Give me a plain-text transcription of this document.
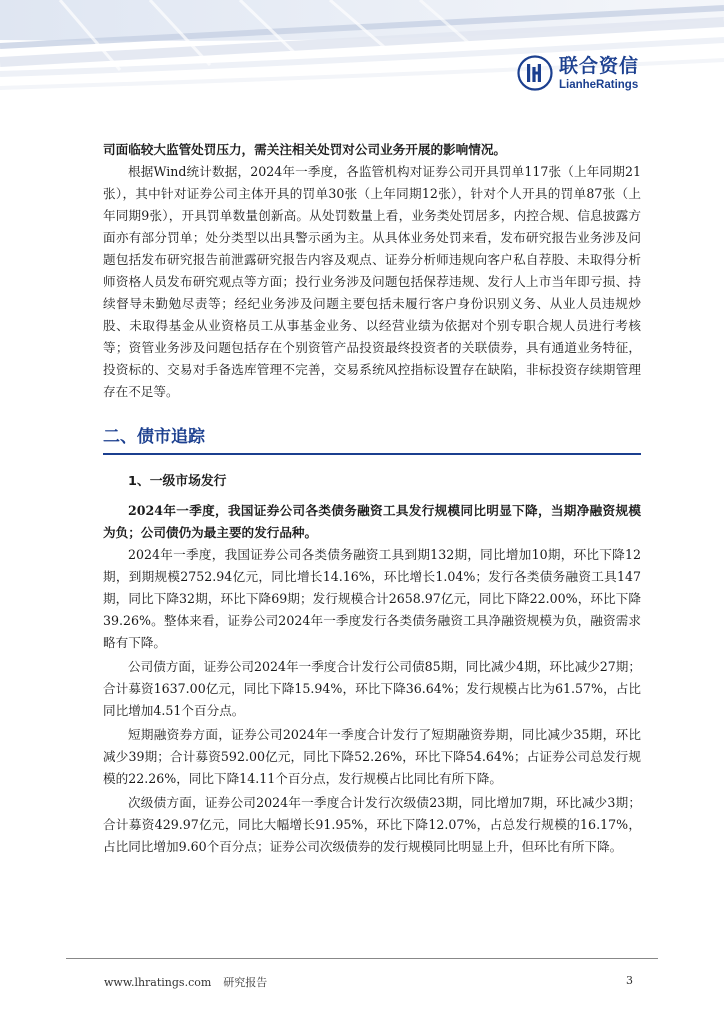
联合资信
LianheRatings

司面临较大监管处罚压力，需关注相关处罚对公司业务开展的影响情况。

根据Wind统计数据，2024年一季度，各监管机构对证券公司开具罚单117张（上年同期21张），其中针对证券公司主体开具的罚单30张（上年同期12张），针对个人开具的罚单87张（上年同期9张），开具罚单数量创新高。从处罚数量上看，业务类处罚居多，内控合规、信息披露方面亦有部分罚单；处分类型以出具警示函为主。从具体业务处罚来看，发布研究报告业务涉及问题包括发布研究报告前泄露研究报告内容及观点、证券分析师违规向客户私自荐股、未取得分析师资格人员发布研究观点等方面；投行业务涉及问题包括保荐违规、发行人上市当年即亏损、持续督导未勤勉尽责等；经纪业务涉及问题主要包括未履行客户身份识别义务、从业人员违规炒股、未取得基金从业资格员工从事基金业务、以经营业绩为依据对个别专职合规人员进行考核等；资管业务涉及问题包括存在个别资管产品投资最终投资者的关联债券，具有通道业务特征，投资标的、交易对手备选库管理不完善，交易系统风控指标设置存在缺陷，非标投资存续期管理存在不足等。

二、债市追踪
1、一级市场发行

2024年一季度，我国证券公司各类债务融资工具发行规模同比明显下降，当期净融资规模为负；公司债仍为最主要的发行品种。

2024年一季度，我国证券公司各类债务融资工具到期132期，同比增加10期，环比下降12期，到期规模2752.94亿元，同比增长14.16%，环比增长1.04%；发行各类债务融资工具147期，同比下降32期，环比下降69期；发行规模合计2658.97亿元，同比下降22.00%，环比下降39.26%。整体来看，证券公司2024年一季度发行各类债务融资工具净融资规模为负，融资需求略有下降。

公司债方面，证券公司2024年一季度合计发行公司债85期，同比减少4期，环比减少27期；合计募资1637.00亿元，同比下降15.94%，环比下降36.64%；发行规模占比为61.57%，占比同比增加4.51个百分点。

短期融资券方面，证券公司2024年一季度合计发行了短期融资券期，同比减少35期，环比减少39期；合计募资592.00亿元，同比下降52.26%，环比下降54.64%；占证券公司总发行规模的22.26%，同比下降14.11个百分点，发行规模占比同比有所下降。

次级债方面，证券公司2024年一季度合计发行次级债23期，同比增加7期，环比减少3期；合计募资429.97亿元，同比大幅增长91.95%，环比下降12.07%，占总发行规模的16.17%，占比同比增加9.60个百分点；证券公司次级债券的发行规模同比明显上升，但环比有所下降。

www.lhratings.com 研究报告	3
